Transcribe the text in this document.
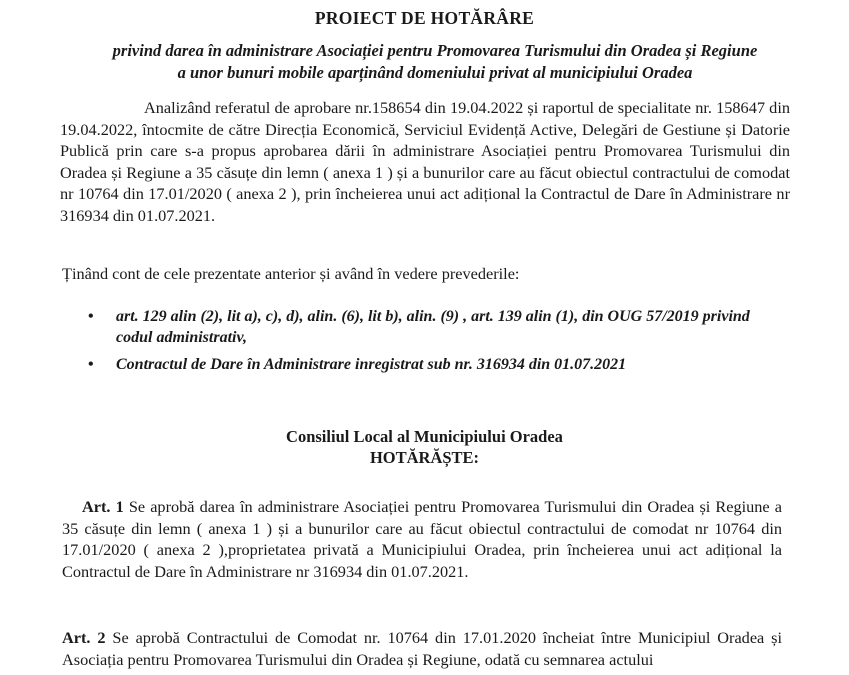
PROIECT DE HOTĂRÂRE
privind darea în administrare Asociației pentru Promovarea Turismului din Oradea și Regiune
a unor bunuri mobile aparținând domeniului privat al municipiului Oradea
Analizând referatul de aprobare nr.158654 din 19.04.2022 și raportul de specialitate nr. 158647 din 19.04.2022, întocmite de către Direcția Economică, Serviciul Evidență Active, Delegări de Gestiune și Datorie Publică prin care s-a propus aprobarea dării în administrare Asociației pentru Promovarea Turismului din Oradea și Regiune a 35 căsuțe din lemn ( anexa 1 ) și a bunurilor care au făcut obiectul contractului de comodat nr 10764 din 17.01/2020 ( anexa 2 ), prin încheierea unui act adițional la Contractul de Dare în Administrare nr 316934 din 01.07.2021.
Ținând cont de cele prezentate anterior și având în vedere prevederile:
• art. 129 alin (2), lit a), c), d), alin. (6), lit b), alin. (9) , art. 139 alin (1), din OUG 57/2019 privind codul administrativ,
• Contractul de Dare în Administrare inregistrat sub nr. 316934 din 01.07.2021
Consiliul Local al Municipiului Oradea
HOTĂRĂȘTE:
Art. 1 Se aprobă darea în administrare Asociației pentru Promovarea Turismului din Oradea și Regiune a 35 căsuțe din lemn ( anexa 1 ) și a bunurilor care au făcut obiectul contractului de comodat nr 10764 din 17.01/2020 ( anexa 2 ),proprietatea privată a Municipiului Oradea, prin încheierea unui act adițional la Contractul de Dare în Administrare nr 316934 din 01.07.2021.
Art. 2 Se aprobă Contractului de Comodat nr. 10764 din 17.01.2020 încheiat între Municipiul Oradea și Asociația pentru Promovarea Turismului din Oradea și Regiune, odată cu semnarea actului
